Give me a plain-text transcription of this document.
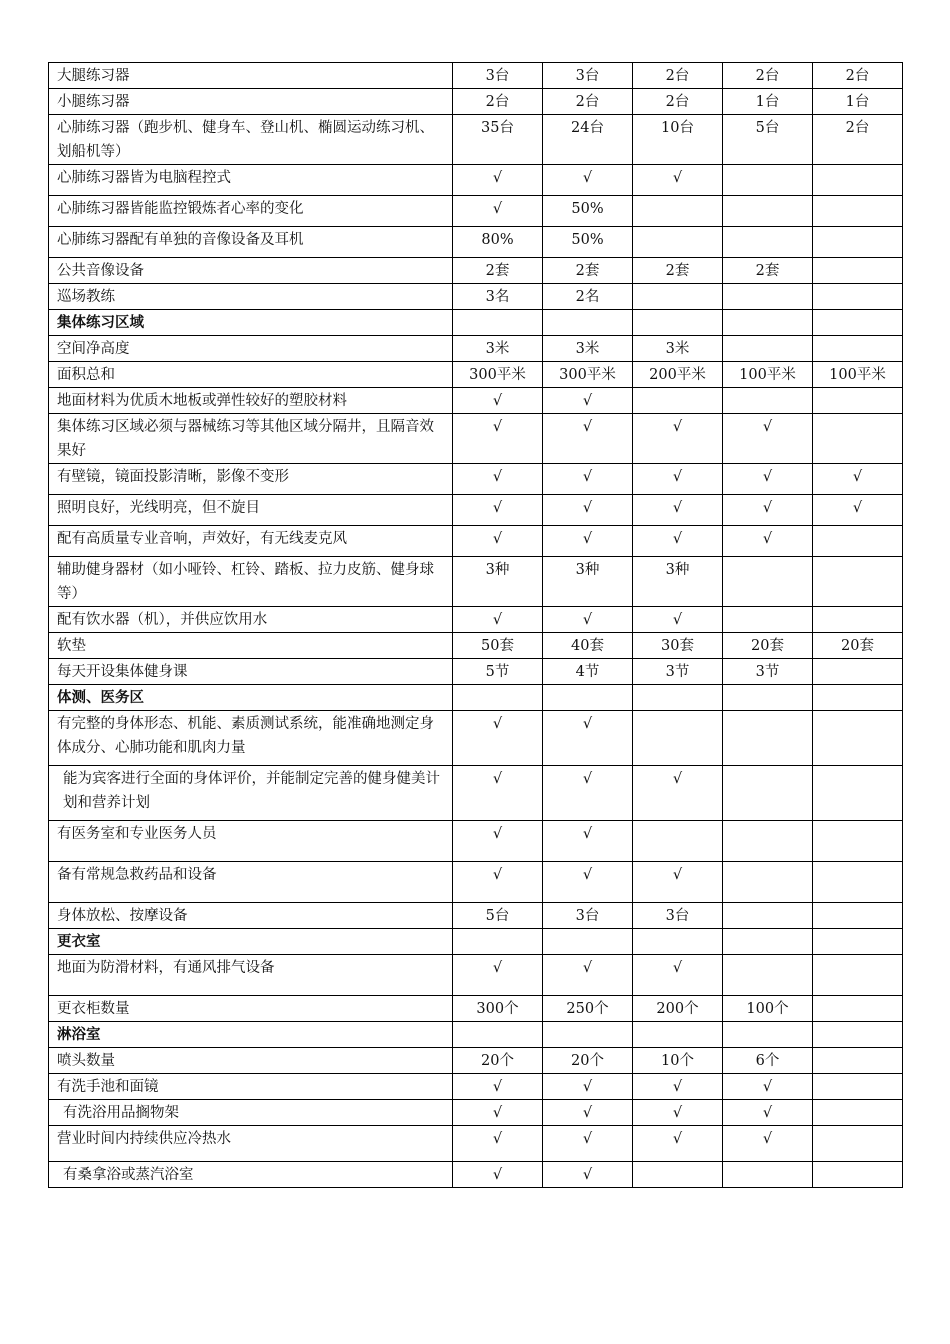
大腿练习器	3台	3台	2台	2台	2台
小腿练习器	2台	2台	2台	1台	1台
心肺练习器（跑步机、健身车、登山机、椭圆运动练习机、划船机等）	35台	24台	10台	5台	2台
心肺练习器皆为电脑程控式	√	√	√		
心肺练习器皆能监控锻炼者心率的变化	√	50%			
心肺练习器配有单独的音像设备及耳机	80%	50%			
公共音像设备	2套	2套	2套	2套	
巡场教练	3名	2名			
集体练习区域					
空间净高度	3米	3米	3米		
面积总和	300平米	300平米	200平米	100平米	100平米
地面材料为优质木地板或弹性较好的塑胶材料	√	√			
集体练习区域必须与器械练习等其他区域分隔井，且隔音效果好	√	√	√	√	
有壁镜，镜面投影清晰，影像不变形	√	√	√	√	√
照明良好，光线明亮，但不旋目	√	√	√	√	√
配有高质量专业音响，声效好，有无线麦克风	√	√	√	√	
辅助健身器材（如小哑铃、杠铃、踏板、拉力皮筋、健身球等）	3种	3种	3种		
配有饮水器（机），并供应饮用水	√	√	√		
软垫	50套	40套	30套	20套	20套
每天开设集体健身课	5节	4节	3节	3节	
体测、医务区					
有完整的身体形态、机能、素质测试系统，能准确地测定身体成分、心肺功能和肌肉力量	√	√			
能为宾客进行全面的身体评价，并能制定完善的健身健美计划和营养计划	√	√	√		
有医务室和专业医务人员	√	√			
备有常规急救药品和设备	√	√	√		
身体放松、按摩设备	5台	3台	3台		
更衣室					
地面为防滑材料，有通风排气设备	√	√	√		
更衣柜数量	300个	250个	200个	100个	
淋浴室					
喷头数量	20个	20个	10个	6个	
有洗手池和面镜	√	√	√	√	
有洗浴用品搁物架	√	√	√	√	
营业时间内持续供应冷热水	√	√	√	√	
有桑拿浴或蒸汽浴室	√	√			
